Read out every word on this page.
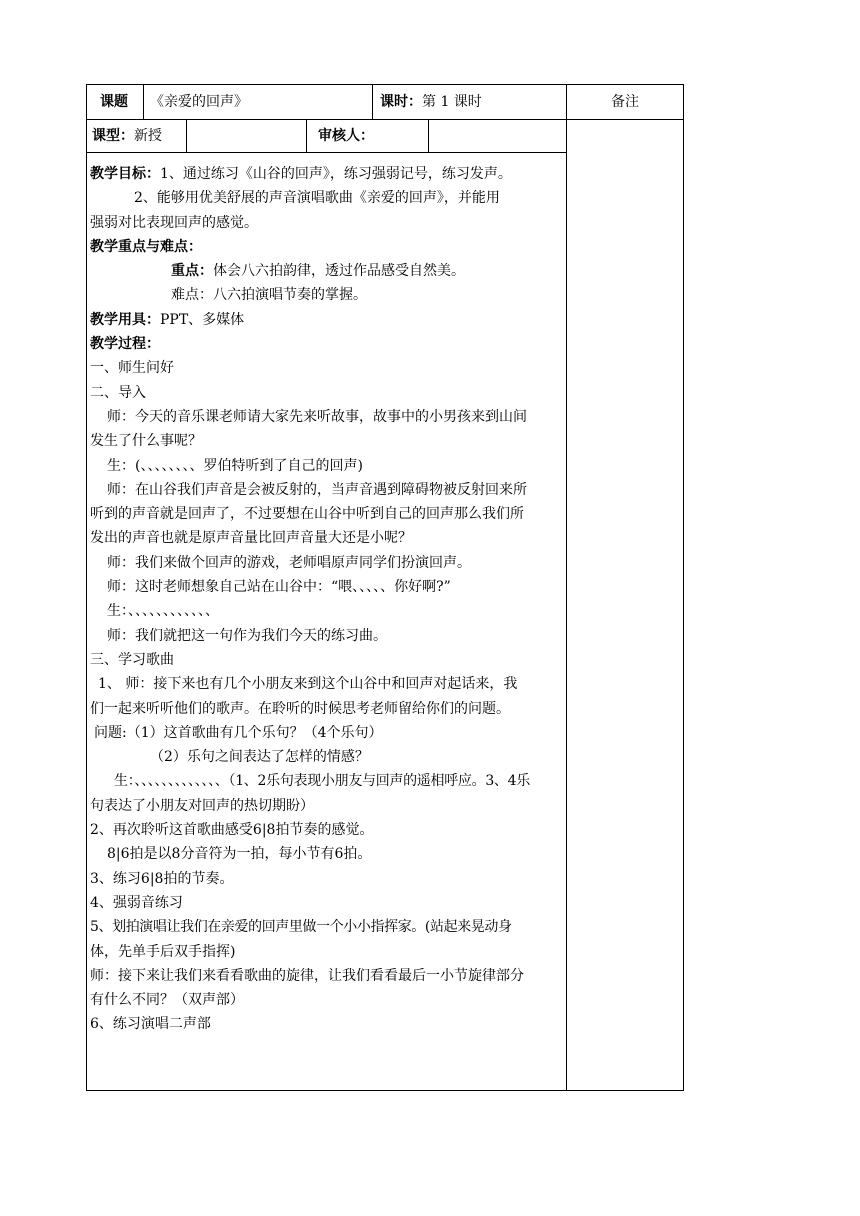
课题 《亲爱的回声》	课时：第 1 课时	备注
课型：新授	审核人：
教学目标：1、通过练习《山谷的回声》，练习强弱记号，练习发声。
2、能够用优美舒展的声音演唱歌曲《亲爱的回声》，并能用
强弱对比表现回声的感觉。
教学重点与难点：
重点：体会八六拍韵律，透过作品感受自然美。
难点：八六拍演唱节奏的掌握。
教学用具：PPT、多媒体
教学过程：
一、师生问好
二、导入
师：今天的音乐课老师请大家先来听故事，故事中的小男孩来到山间
发生了什么事呢？
生：(、、、、、、、、罗伯特听到了自己的回声)
师：在山谷我们声音是会被反射的，当声音遇到障碍物被反射回来所
听到的声音就是回声了，不过要想在山谷中听到自己的回声那么我们所
发出的声音也就是原声音量比回声音量大还是小呢？
师：我们来做个回声的游戏，老师唱原声同学们扮演回声。
师：这时老师想象自己站在山谷中：“喂、、、、、你好啊?”
生：、、、、、、、、、、、、
师：我们就把这一句作为我们今天的练习曲。
三、学习歌曲
1、 师：接下来也有几个小朋友来到这个山谷中和回声对起话来，我
们一起来听听他们的歌声。在聆听的时候思考老师留给你们的问题。
问题:（1）这首歌曲有几个乐句？（4个乐句）
（2）乐句之间表达了怎样的情感？
生：、、、、、、、、、、、、、（1、2乐句表现小朋友与回声的遥相呼应。3、4乐
句表达了小朋友对回声的热切期盼）
2、再次聆听这首歌曲感受6|8拍节奏的感觉。
8|6拍是以8分音符为一拍，每小节有6拍。
3、练习6|8拍的节奏。
4、强弱音练习
5、划拍演唱让我们在亲爱的回声里做一个小小指挥家。(站起来晃动身
体，先单手后双手指挥)
师：接下来让我们来看看歌曲的旋律，让我们看看最后一小节旋律部分
有什么不同？（双声部）
6、练习演唱二声部
